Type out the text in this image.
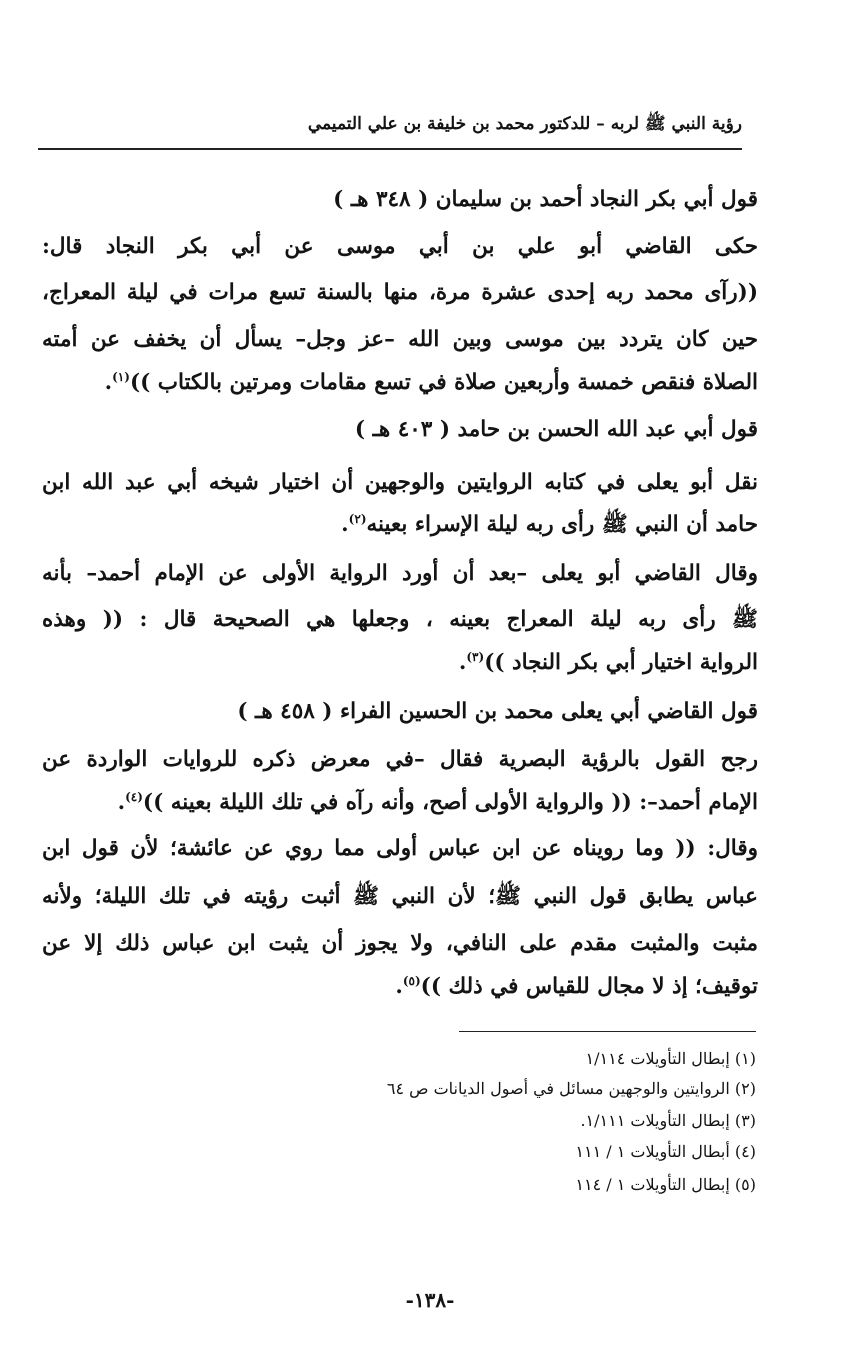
رؤية النبي ﷺ لربه – للدكتور محمد بن خليفة بن علي التميمي
قول أبي بكر النجاد أحمد بن سليمان ( ٣٤٨ هـ )
حكى القاضي أبو علي بن أبي موسى عن أبي بكر النجاد قال:
((رآى محمد ربه إحدى عشرة مرة، منها بالسنة تسع مرات في ليلة المعراج،
حين كان يتردد بين موسى وبين الله –عز وجل– يسأل أن يخفف عن أمته
الصلاة فنقص خمسة وأربعين صلاة في تسع مقامات ومرتين بالكتاب ))$^{(١)}$.
قول أبي عبد الله الحسن بن حامد ( ٤٠٣ هـ )
نقل أبو يعلى في كتابه الروايتين والوجهين أن اختيار شيخه أبي عبد الله ابن
حامد أن النبي ﷺ رأى ربه ليلة الإسراء بعينه$^{(٢)}$.
وقال القاضي أبو يعلى –بعد أن أورد الرواية الأولى عن الإمام أحمد– بأنه
ﷺ رأى ربه ليلة المعراج بعينه ، وجعلها هي الصحيحة قال : (( وهذه
الرواية اختيار أبي بكر النجاد ))$^{(٣)}$.
قول القاضي أبي يعلى محمد بن الحسين الفراء ( ٤٥٨ هـ )
رجح القول بالرؤية البصرية فقال –في معرض ذكره للروايات الواردة عن
الإمام أحمد–: (( والرواية الأولى أصح، وأنه رآه في تلك الليلة بعينه ))$^{(٤)}$.
وقال: (( وما رويناه عن ابن عباس أولى مما روي عن عائشة؛ لأن قول ابن
عباس يطابق قول النبي ﷺ؛ لأن النبي ﷺ أثبت رؤيته في تلك الليلة؛ ولأنه
مثبت والمثبت مقدم على النافي، ولا يجوز أن يثبت ابن عباس ذلك إلا عن
توقيف؛ إذ لا مجال للقياس في ذلك ))$^{(٥)}$.
(١) إبطال التأويلات ١/١١٤
(٢) الروايتين والوجهين مسائل في أصول الديانات ص ٦٤
(٣) إبطال التأويلات ١/١١١.
(٤) أبطال التأويلات ١ / ١١١
(٥) إبطال التأويلات ١ / ١١٤
-١٣٨-
